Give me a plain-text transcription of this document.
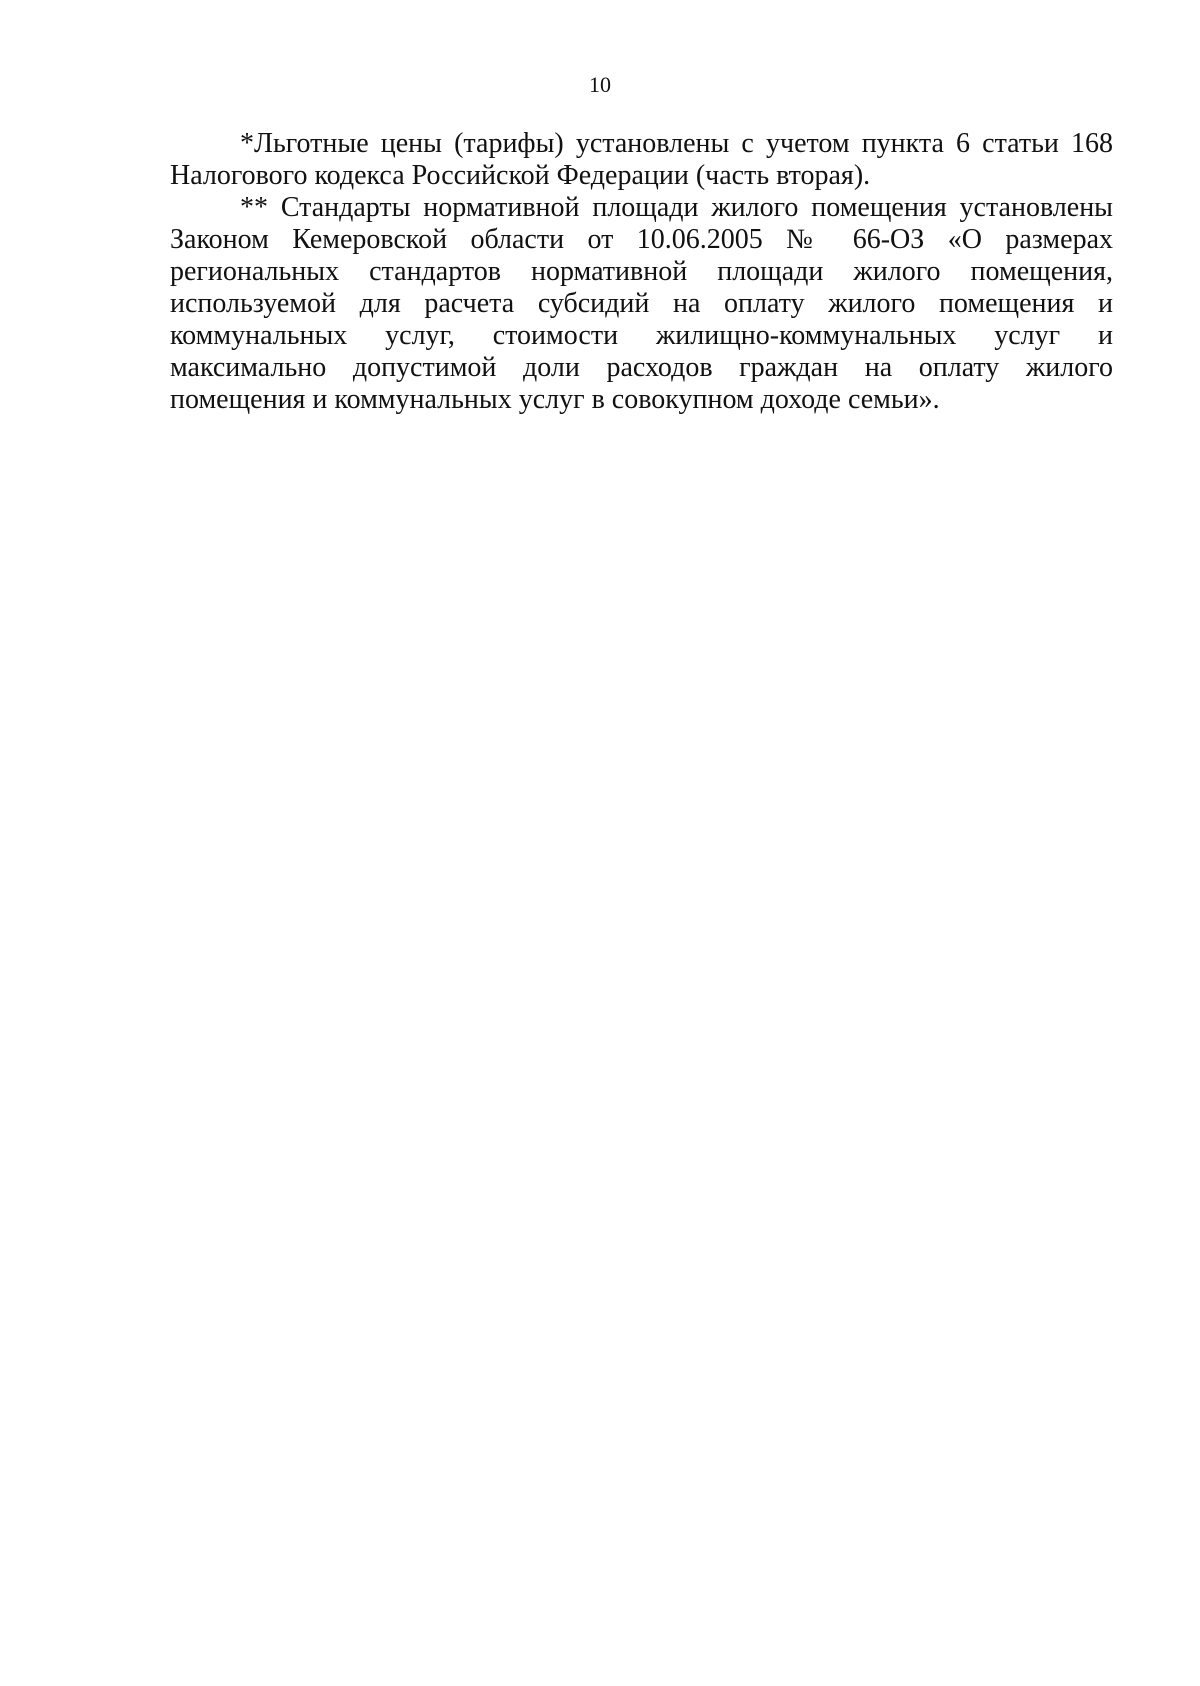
10

*Льготные цены (тарифы) установлены с учетом пункта 6 статьи 168 Налогового кодекса Российской Федерации (часть вторая).

** Стандарты нормативной площади жилого помещения установлены Законом Кемеровской области от 10.06.2005 № 66-ОЗ «О размерах региональных стандартов нормативной площади жилого помещения, используемой для расчета субсидий на оплату жилого помещения и коммунальных услуг, стоимости жилищно-коммунальных услуг и максимально допустимой доли расходов граждан на оплату жилого помещения и коммунальных услуг в совокупном доходе семьи».
